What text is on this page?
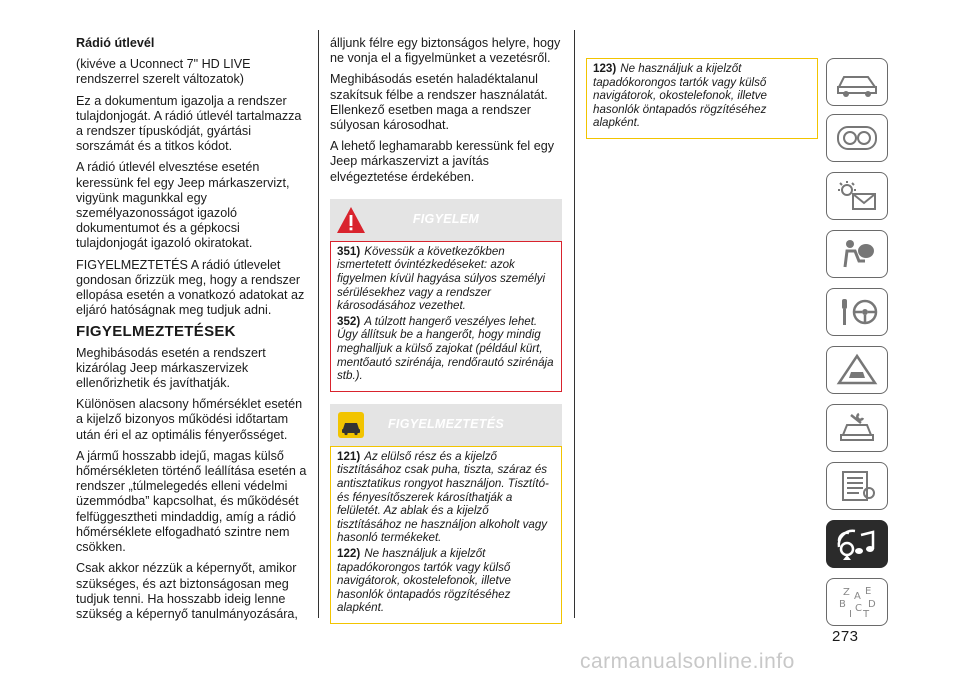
Rádió útlevél

(kivéve a Uconnect 7" HD LIVE rendszerrel szerelt változatok)

Ez a dokumentum igazolja a rendszer tulajdonjogát. A rádió útlevél tartalmazza a rendszer típuskódját, gyártási sorszámát és a titkos kódot.

A rádió útlevél elvesztése esetén keressünk fel egy Jeep márkaszervizt, vigyünk magunkkal egy személyazonosságot igazoló dokumentumot és a gépkocsi tulajdonjogát igazoló okiratokat.

FIGYELMEZTETÉS A rádió útlevelet gondosan őrizzük meg, hogy a rendszer ellopása esetén a vonatkozó adatokat az eljáró hatóságnak meg tudjuk adni.

FIGYELMEZTETÉSEK

Meghibásodás esetén a rendszert kizárólag Jeep márkaszervizek ellenőrizhetik és javíthatják.

Különösen alacsony hőmérséklet esetén a kijelző bizonyos működési időtartam után éri el az optimális fényerősséget.

A jármű hosszabb idejű, magas külső hőmérsékleten történő leállítása esetén a rendszer „túlmelegedés elleni védelmi üzemmódba” kapcsolhat, és működését felfüggesztheti mindaddig, amíg a rádió hőmérséklete elfogadható szintre nem csökken.

Csak akkor nézzük a képernyőt, amikor szükséges, és azt biztonságosan meg tudjuk tenni. Ha hosszabb ideig lenne szükség a képernyő tanulmányozására,

álljunk félre egy biztonságos helyre, hogy ne vonja el a figyelmünket a vezetésről.

Meghibásodás esetén haladéktalanul szakítsuk félbe a rendszer használatát. Ellenkező esetben maga a rendszer súlyosan károsodhat.

A lehető leghamarabb keressünk fel egy Jeep márkaszervizt a javítás elvégeztetése érdekében.

FIGYELEM
351) Kövessük a következőkben ismertetett óvintézkedéseket: azok figyelmen kívül hagyása súlyos személyi sérülésekhez vagy a rendszer károsodásához vezethet.
352) A túlzott hangerő veszélyes lehet. Úgy állítsuk be a hangerőt, hogy mindig meghalljuk a külső zajokat (például kürt, mentőautó szirénája, rendőrautó szirénája stb.).
FIGYELMEZTETÉS
121) Az elülső rész és a kijelző tisztításához csak puha, tiszta, száraz és antisztatikus rongyot használjon. Tisztító- és fényesítőszerek károsíthatják a felületét. Az ablak és a kijelző tisztításához ne használjon alkoholt vagy hasonló termékeket.
122) Ne használjuk a kijelzőt tapadókorongos tartók vagy külső navigátorok, okostelefonok, illetve hasonlók öntapadós rögzítéséhez alapként.
123) Ne használjuk a kijelzőt tapadókorongos tartók vagy külső navigátorok, okostelefonok, illetve hasonlók öntapadós rögzítéséhez alapként.
Z E
B D
I
C
T
A
273
carmanualsonline.info
